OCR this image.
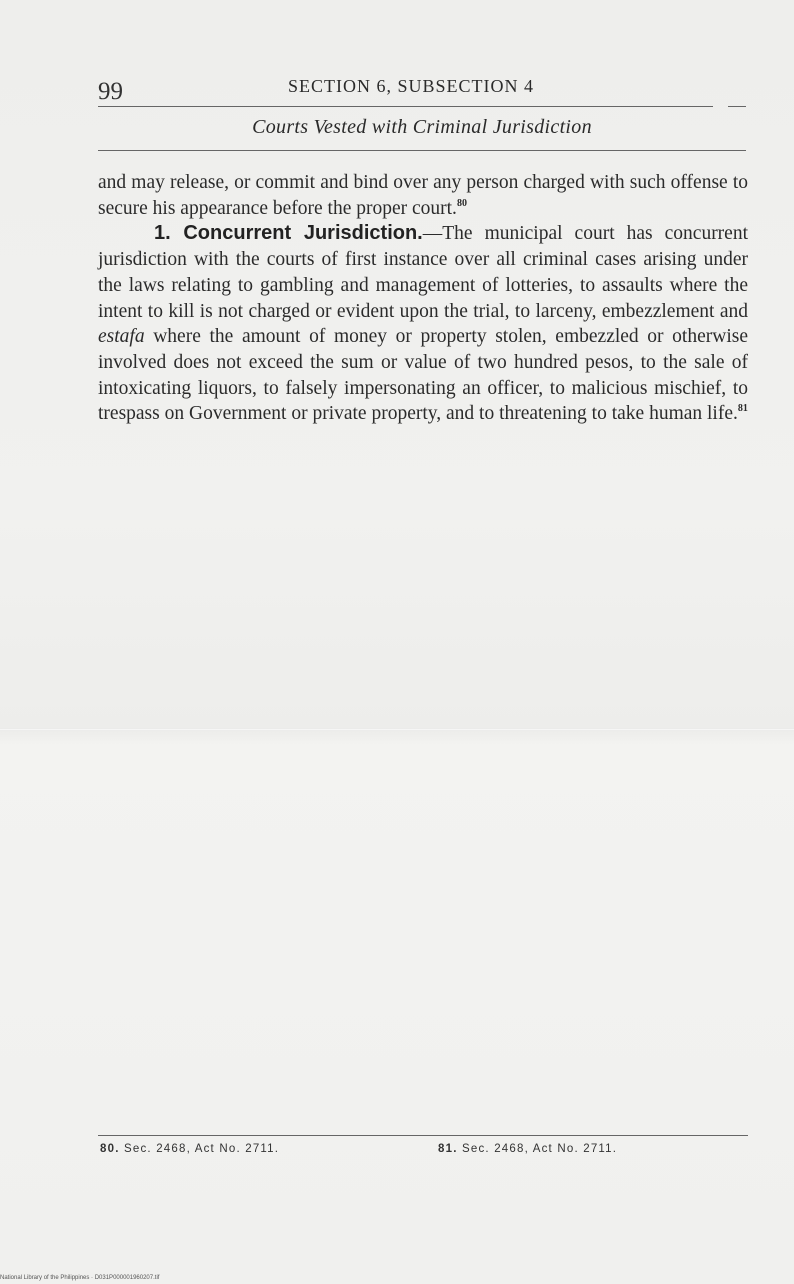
99	SECTION 6, SUBSECTION 4
Courts Vested with Criminal Jurisdiction

and may release, or commit and bind over any person charged with such offense to secure his appearance before the proper court.$^{80}$

1. Concurrent Jurisdiction.—The municipal court has concurrent jurisdiction with the courts of first instance over all criminal cases arising under the laws relating to gambling and management of lotteries, to assaults where the intent to kill is not charged or evident upon the trial, to larceny, embezzlement and estafa where the amount of money or property stolen, embezzled or otherwise involved does not exceed the sum or value of two hundred pesos, to the sale of intoxicating liquors, to falsely impersonating an officer, to malicious mischief, to trespass on Government or private property, and to threatening to take human life.$^{81}$

80. Sec. 2468, Act No. 2711.	81. Sec. 2468, Act No. 2711.
National Library of the Philippines · D031P000001960207.tif
